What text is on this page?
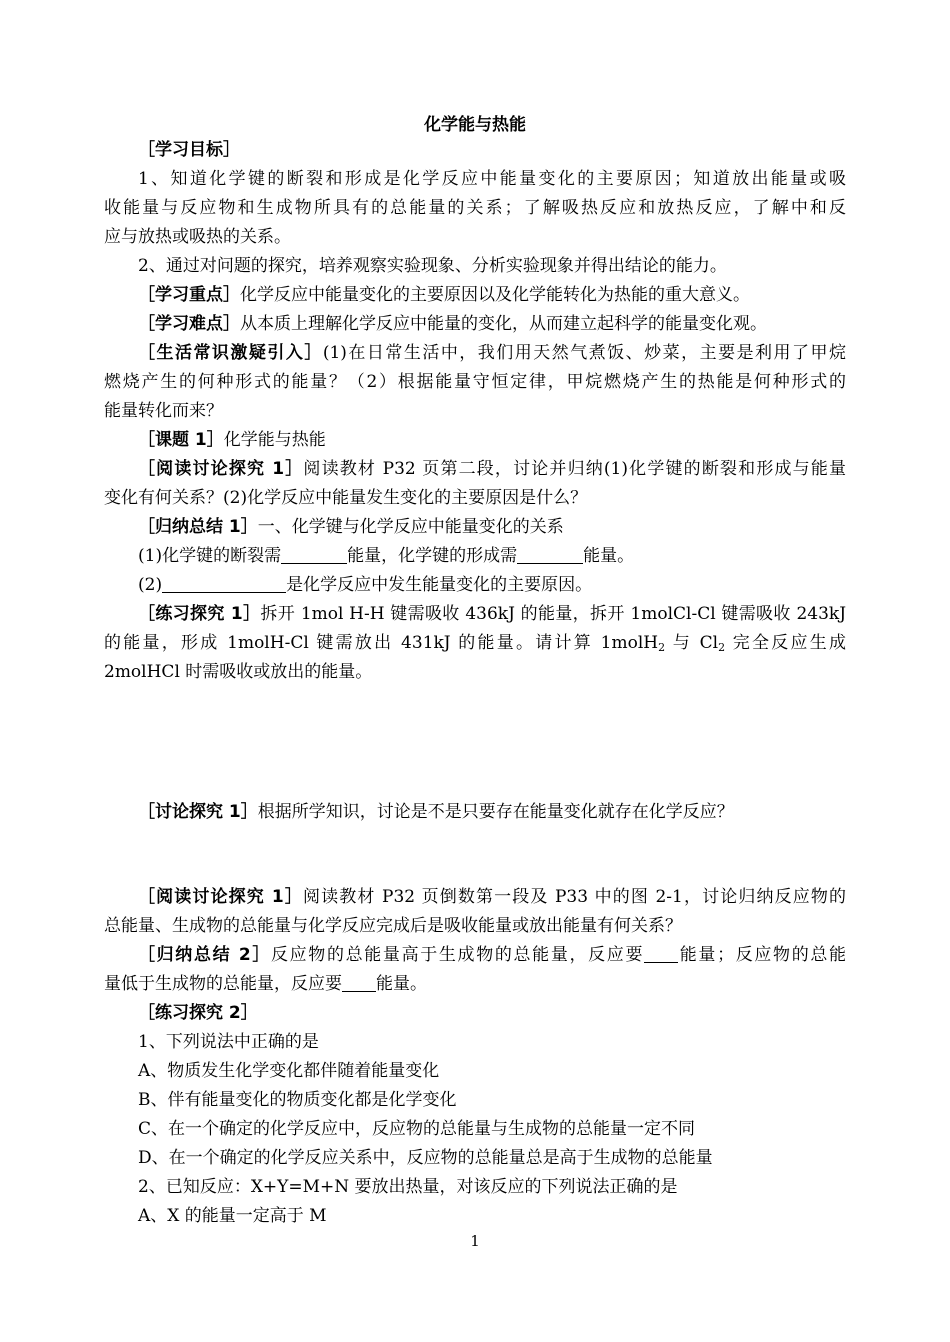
化学能与热能
［学习目标］
1、知道化学键的断裂和形成是化学反应中能量变化的主要原因；知道放出能量或吸
收能量与反应物和生成物所具有的总能量的关系；了解吸热反应和放热反应，了解中和反
应与放热或吸热的关系。
2、通过对问题的探究，培养观察实验现象、分析实验现象并得出结论的能力。
［学习重点］化学反应中能量变化的主要原因以及化学能转化为热能的重大意义。
［学习难点］从本质上理解化学反应中能量的变化，从而建立起科学的能量变化观。
［生活常识激疑引入］(1)在日常生活中，我们用天然气煮饭、炒菜，主要是利用了甲烷
燃烧产生的何种形式的能量？（2）根据能量守恒定律，甲烷燃烧产生的热能是何种形式的
能量转化而来？
［课题 1］化学能与热能
［阅读讨论探究 1］阅读教材 P32 页第二段，讨论并归纳(1)化学键的断裂和形成与能量
变化有何关系？(2)化学反应中能量发生变化的主要原因是什么？
［归纳总结 1］一、化学键与化学反应中能量变化的关系
(1)化学键的断裂需	能量，化学键的形成需	能量。
(2)	是化学反应中发生能量变化的主要原因。
［练习探究 1］拆开 1mol H-H 键需吸收 436kJ 的能量，拆开 1molCl-Cl 键需吸收 243kJ
的能量，形成 1molH-Cl 键需放出 431kJ 的能量。请计算 1molH$_2$ 与 $Cl_2$ 完全反应生成
2molHCl 时需吸收或放出的能量。
［讨论探究 1］根据所学知识，讨论是不是只要存在能量变化就存在化学反应？
［阅读讨论探究 1］阅读教材 P32 页倒数第一段及 P33 中的图 2-1，讨论归纳反应物的
总能量、生成物的总能量与化学反应完成后是吸收能量或放出能量有何关系？
［归纳总结 2］反应物的总能量高于生成物的总能量，反应要 能量；反应物的总能
量低于生成物的总能量，反应要 能量。
［练习探究 2］
1、下列说法中正确的是
A、物质发生化学变化都伴随着能量变化
B、伴有能量变化的物质变化都是化学变化
C、在一个确定的化学反应中，反应物的总能量与生成物的总能量一定不同
D、在一个确定的化学反应关系中，反应物的总能量总是高于生成物的总能量
2、已知反应：X+Y=M+N 要放出热量，对该反应的下列说法正确的是
A、X 的能量一定高于 M
1
